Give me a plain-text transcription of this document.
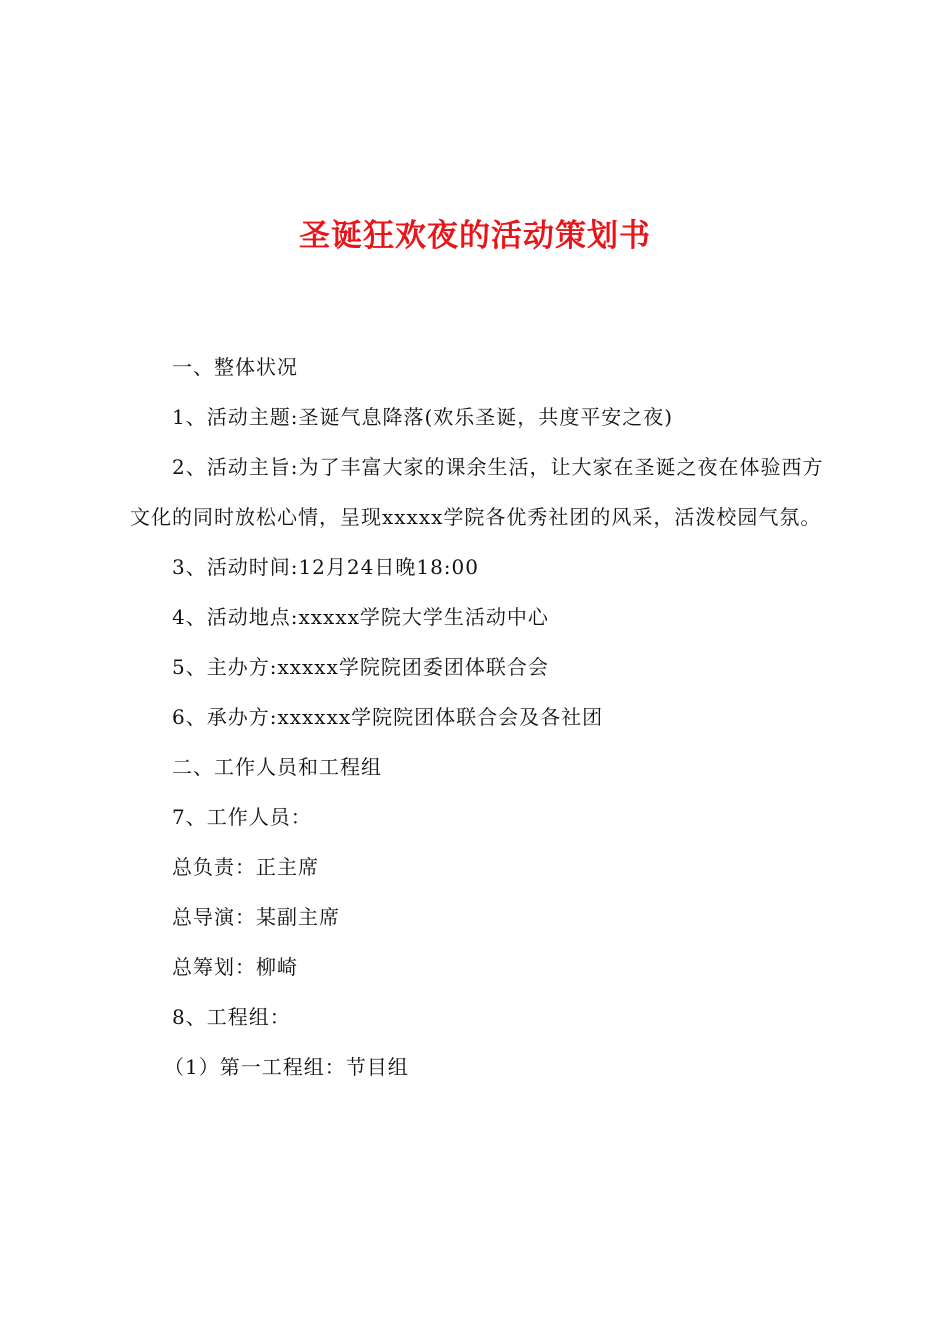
圣诞狂欢夜的活动策划书

一、整体状况

1、活动主题:圣诞气息降落(欢乐圣诞，共度平安之夜)

2、活动主旨:为了丰富大家的课余生活，让大家在圣诞之夜在体验西方文化的同时放松心情，呈现xxxxx学院各优秀社团的风采，活泼校园气氛。

3、活动时间:12月24日晚18:00

4、活动地点:xxxxx学院大学生活动中心

5、主办方:xxxxx学院院团委团体联合会

6、承办方:xxxxxx学院院团体联合会及各社团

二、工作人员和工程组

7、工作人员：

总负责：正主席

总导演：某副主席

总筹划：柳崎

8、工程组：

（1）第一工程组：节目组
